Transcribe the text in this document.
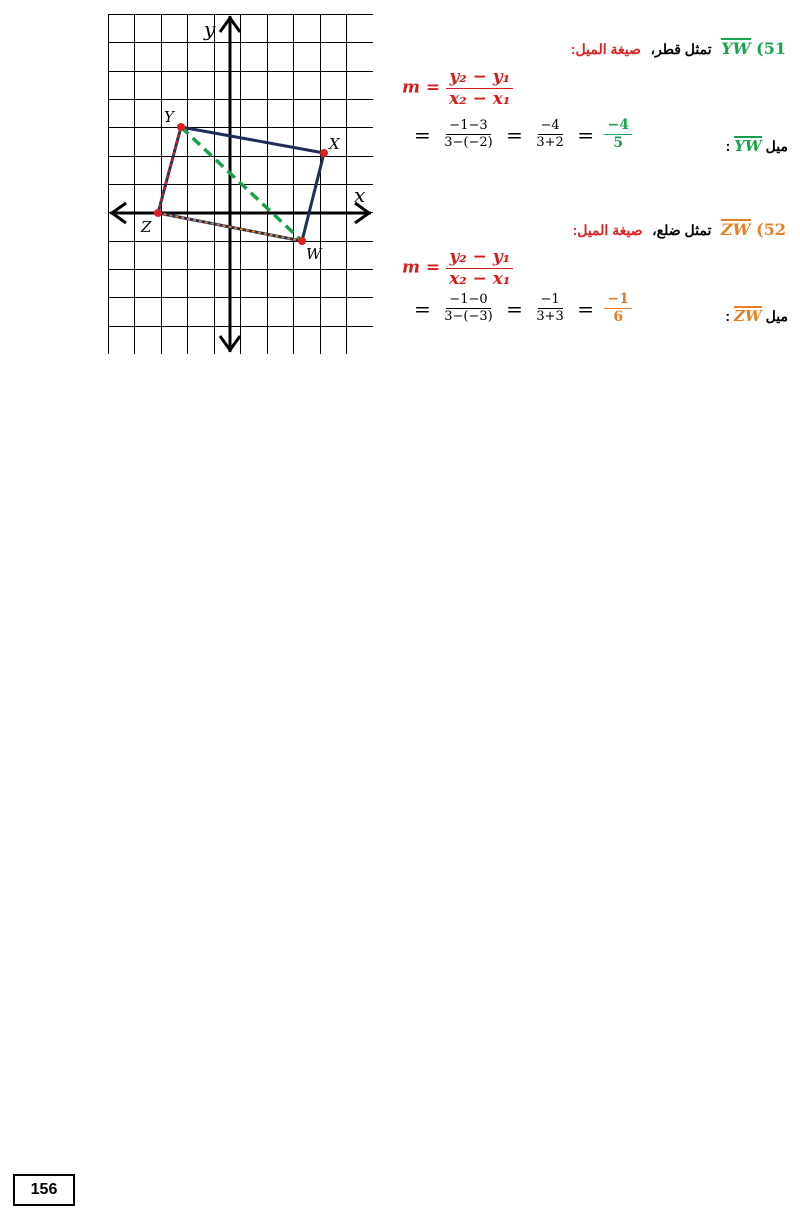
Y
X
Z
W
y
x
51) YW تمثل قطر، صيغة الميل:
$m = \frac{\text{y₂ − y₁}}{\text{x₂ − x₁}}$
= $\frac{-1-3}{3-(-2)} = \frac{-4}{3+2} = \frac{-4}{5}$	ميل YW :
52) ZW تمثل ضلع، صيغة الميل:
$m = \frac{\text{y₂ − y₁}}{\text{x₂ − x₁}}$
= $\frac{-1-0}{3-(-3)} = \frac{-1}{3+3} = \frac{-1}{6}$	ميل ZW :
156
